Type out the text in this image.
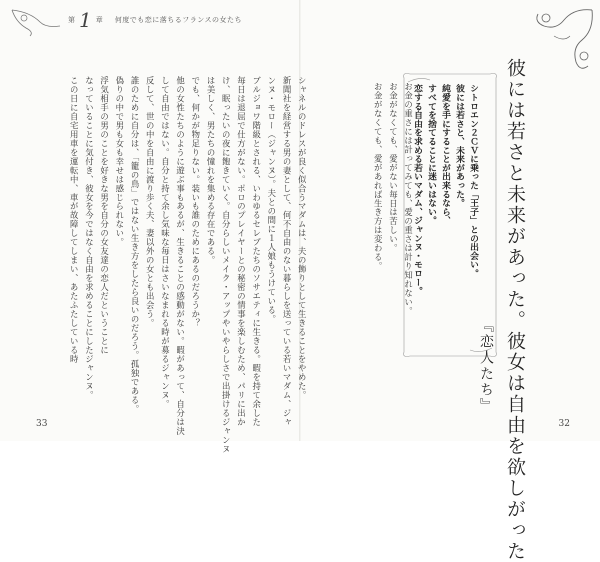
第 1 章 何度でも恋に落ちるフランスの女たち
シャネルのドレスが良く似合うマダムは、夫の飾りとして生きることをやめた。
新聞社を経営する男の妻として、何不自由のない暮らしを送っている若いマダム、ジャ
ンヌ・モロー（ジャンヌ）。夫との間に１人娘もうけている。
ブルジョワ階級とされる、いわゆるセレブたちのソサエティに生きる。暇を持て余した
毎日は退屈で仕方がない。ポロのプレイヤーとの秘密の情事を楽しむため、パリに出か
け、眠ったいの夜に飽きていく。自分らしいメイク・アップやいやらしさで出掛けるジャンヌ
は美しく、男たちの憧れを集める存在である。
でも、何かが物足りない。装いも誰のためにあるのだろうか？
他の女性たちのように遊ぶ事もあるが、生きることの感動がない。暇があって、自分は決
して自由ではない。自分と持て余し気味な毎日はさいなまれる時が募るジャンヌ。
反して、世の中を自由に渡り歩く夫、妻以外の女とも出会う。
誰のために自分は、「籠の鳥」ではない生き方をしたら良いのだろう。孤独である。
偽りの中で男も女も幸せは感じられない。
浮気相手の男のことを好きな男を自分の女友達の恋人だということに
なっていることに気付き、彼女を今ではなく自由を求めることにしたジャンヌ。
この日に自宅用車を運転中、車が故障してしまい、あたふたしている時
33
お金の重さには計ってみても、愛の重さは計り知れない。
お金がなくても、愛がない毎日は苦しい。
お金がなくても、愛があれば生き方は変わる。	シトロエン２ＣＶに乗った「王子」との出会い。
彼には若さと、未来があった。
純愛を手にすることが出来るなら、
すべてを捨てることに迷いはない。
恋する自由を求める若いマダム、ジャンヌ・モロー。	彼には若さと未来があった。彼女は自由を欲しがった
『恋人たち』
32
